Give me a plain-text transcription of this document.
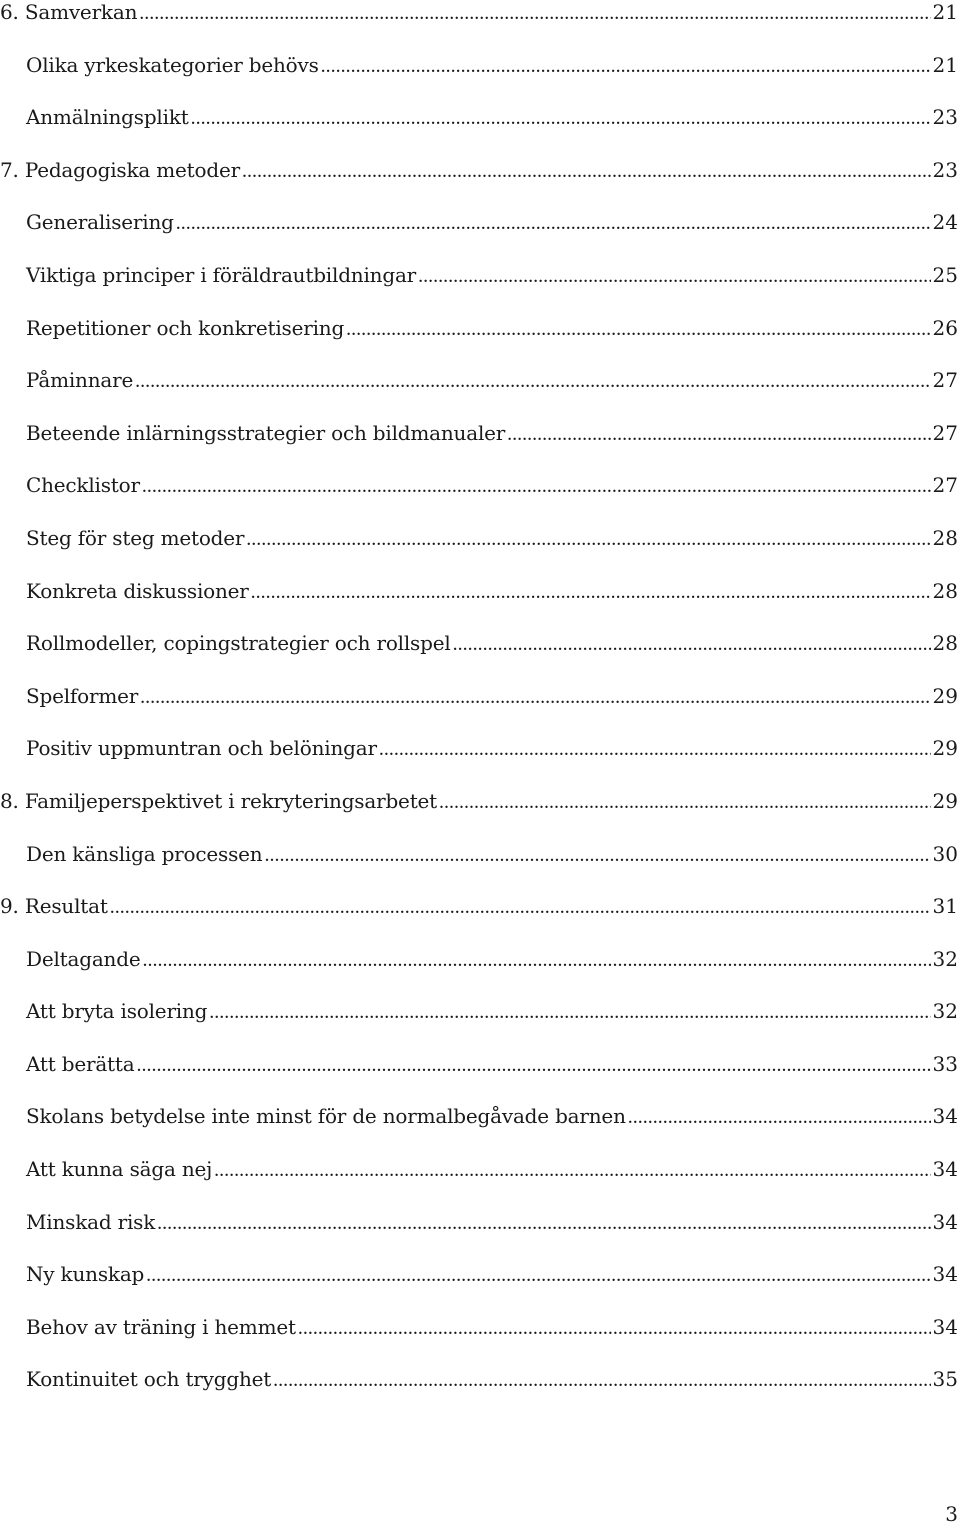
6. Samverkan .....	21
Olika yrkeskategorier behövs .....	21
Anmälningsplikt .....	23
7. Pedagogiska metoder .....	23
Generalisering .....	24
Viktiga principer i föräldrautbildningar .....	25
Repetitioner och konkretisering .....	26
Påminnare .....	27
Beteende inlärningsstrategier och bildmanualer .....	27
Checklistor .....	27
Steg för steg metoder .....	28
Konkreta diskussioner .....	28
Rollmodeller, copingstrategier och rollspel .....	28
Spelformer .....	29
Positiv uppmuntran och belöningar .....	29
8. Familjeperspektivet i rekryteringsarbetet .....	29
Den känsliga processen .....	30
9. Resultat .....	31
Deltagande .....	32
Att bryta isolering .....	32
Att berätta .....	33
Skolans betydelse inte minst för de normalbegåvade barnen .....	34
Att kunna säga nej .....	34
Minskad risk .....	34
Ny kunskap .....	34
Behov av träning i hemmet .....	34
Kontinuitet och trygghet .....	35
3
